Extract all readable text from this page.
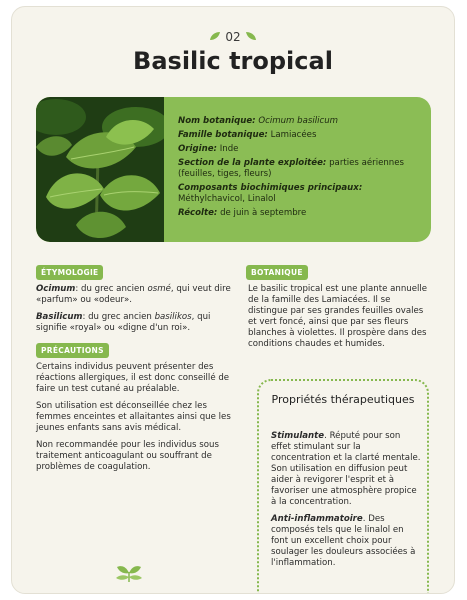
02
Basilic tropical

Nom botanique: Ocimum basilicum

Famille botanique: Lamiacées

Origine: Inde

Section de la plante exploitée: parties aériennes (feuilles, tiges, fleurs)

Composants biochimiques principaux: Méthylchavicol, Linalol

Récolte: de juin à septembre

ÉTYMOLOGIE

Ocimum: du grec ancien osmé, qui veut dire «parfum» ou «odeur».

Basilicum: du grec ancien basilikos, qui signifie «royal» ou «digne d'un roi».

PRÉCAUTIONS

Certains individus peuvent présenter des réactions allergiques, il est donc conseillé de faire un test cutané au préalable.

Son utilisation est déconseillée chez les femmes enceintes et allaitantes ainsi que les jeunes enfants sans avis médical.

Non recommandée pour les individus sous traitement anticoagulant ou souffrant de problèmes de coagulation.

BOTANIQUE

Le basilic tropical est une plante annuelle de la famille des Lamiacées. Il se distingue par ses grandes feuilles ovales et vert foncé, ainsi que par ses fleurs blanches à violettes. Il prospère dans des conditions chaudes et humides.

Propriétés thérapeutiques

Stimulante. Réputé pour son effet stimulant sur la concentration et la clarté mentale. Son utilisation en diffusion peut aider à revigorer l'esprit et à favoriser une atmosphère propice à la concentration.

Anti-inflammatoire. Des composés tels que le linalol en font un excellent choix pour soulager les douleurs associées à l'inflammation.
